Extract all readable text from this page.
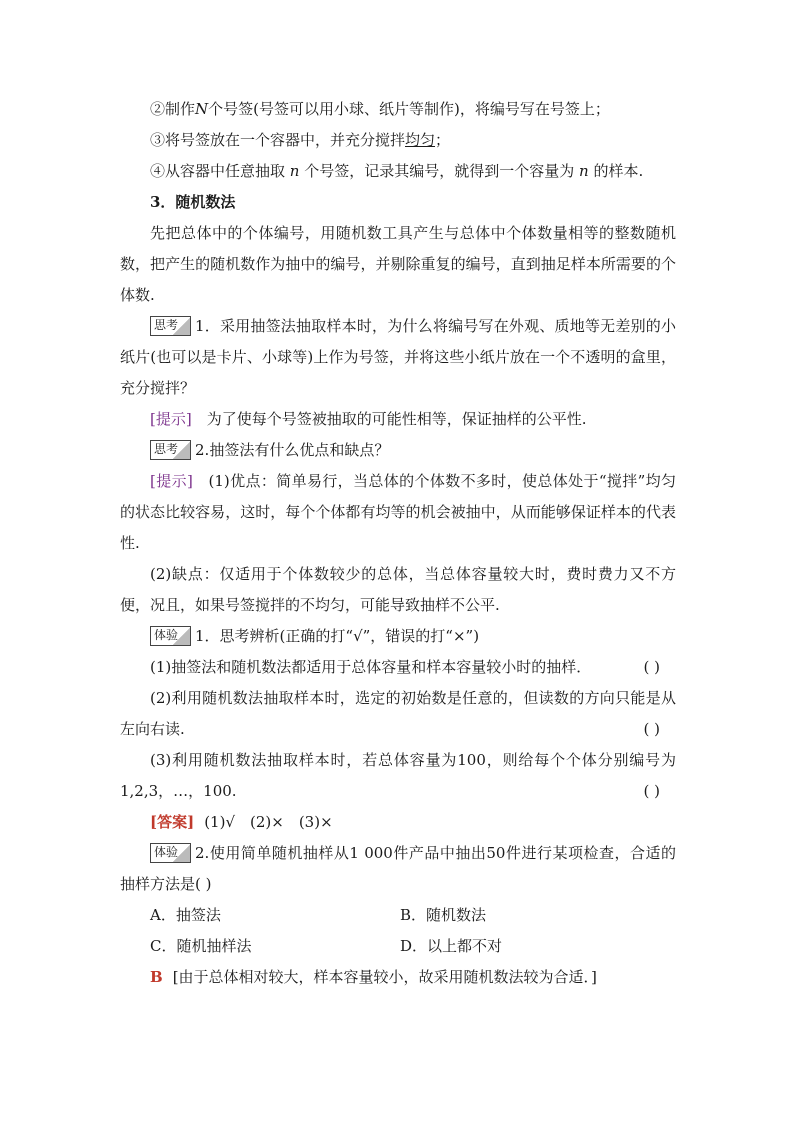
②制作N个号签(号签可以用小球、纸片等制作)，将编号写在号签上；

③将号签放在一个容器中，并充分搅拌均匀；

④从容器中任意抽取 n 个号签，记录其编号，就得到一个容量为 n 的样本.

3．随机数法

先把总体中的个体编号，用随机数工具产生与总体中个体数量相等的整数随机数，把产生的随机数作为抽中的编号，并剔除重复的编号，直到抽足样本所需要的个体数.

思考 1．采用抽签法抽取样本时，为什么将编号写在外观、质地等无差别的小纸片(也可以是卡片、小球等)上作为号签，并将这些小纸片放在一个不透明的盒里，充分搅拌？

[提示]　 为了使每个号签被抽取的可能性相等，保证抽样的公平性.

思考 2.抽签法有什么优点和缺点？

[提示]　 (1)优点：简单易行，当总体的个体数不多时，使总体处于“搅拌”均匀的状态比较容易，这时，每个个体都有均等的机会被抽中，从而能够保证样本的代表性.

(2)缺点：仅适用于个体数较少的总体，当总体容量较大时，费时费力又不方便，况且，如果号签搅拌的不均匀，可能导致抽样不公平.

体验 1．思考辨析(正确的打“√”，错误的打“×”)

(1)抽签法和随机数法都适用于总体容量和样本容量较小时的抽样．	( )

(2)利用随机数法抽取样本时，选定的初始数是任意的，但读数的方向只能是从左向右读.	( )

(3)利用随机数法抽取样本时，若总体容量为100，则给每个个体分别编号为1,2,3，…，100.	( )

[答案] (1)√　(2)×　(3)×

体验 2.使用简单随机抽样从1 000件产品中抽出50件进行某项检查，合适的抽样方法是( )

A．抽签法	B．随机数法
C．随机抽样法	D．以上都不对

B [由于总体相对较大，样本容量较小，故采用随机数法较为合适．]
